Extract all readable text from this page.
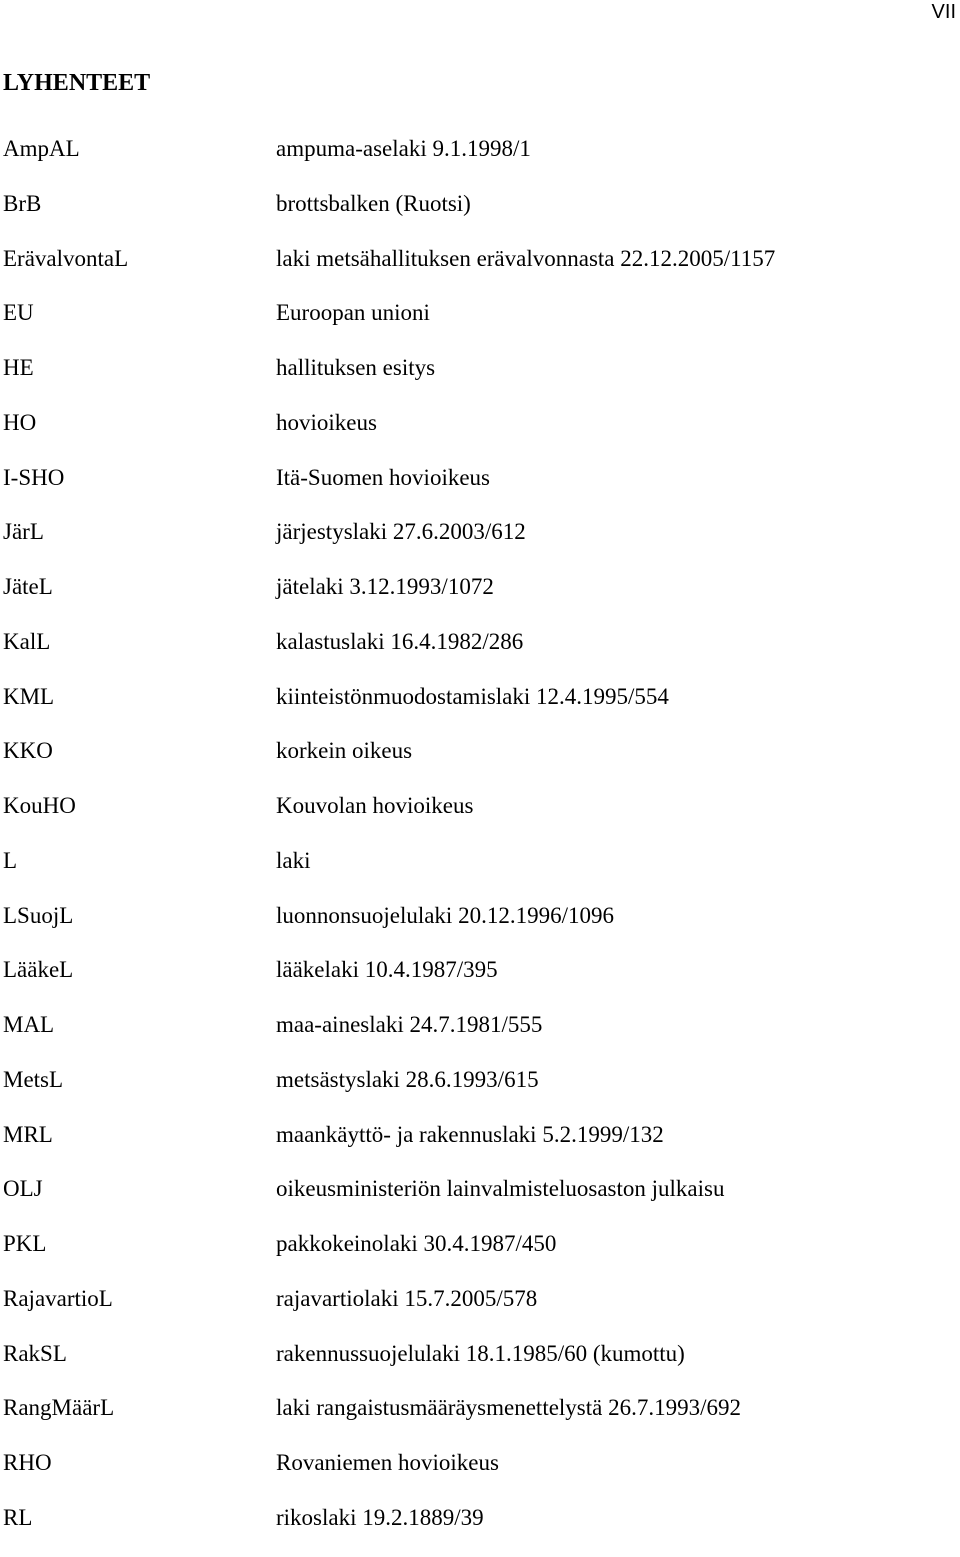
VII
LYHENTEET
AmpAL	ampuma-aselaki 9.1.1998/1
BrB	brottsbalken (Ruotsi)
ErävalvontaL	laki metsähallituksen erävalvonnasta 22.12.2005/1157
EU	Euroopan unioni
HE	hallituksen esitys
HO	hovioikeus
I-SHO	Itä-Suomen hovioikeus
JärL	järjestyslaki 27.6.2003/612
JäteL	jätelaki 3.12.1993/1072
KalL	kalastuslaki 16.4.1982/286
KML	kiinteistönmuodostamislaki 12.4.1995/554
KKO	korkein oikeus
KouHO	Kouvolan hovioikeus
L	laki
LSuojL	luonnonsuojelulaki 20.12.1996/1096
LääkeL	lääkelaki 10.4.1987/395
MAL	maa-aineslaki 24.7.1981/555
MetsL	metsästyslaki 28.6.1993/615
MRL	maankäyttö- ja rakennuslaki 5.2.1999/132
OLJ	oikeusministeriön lainvalmisteluosaston julkaisu
PKL	pakkokeinolaki 30.4.1987/450
RajavartioL	rajavartiolaki 15.7.2005/578
RakSL	rakennussuojelulaki 18.1.1985/60 (kumottu)
RangMäärL	laki rangaistusmääräysmenettelystä 26.7.1993/692
RHO	Rovaniemen hovioikeus
RL	rikoslaki 19.2.1889/39
